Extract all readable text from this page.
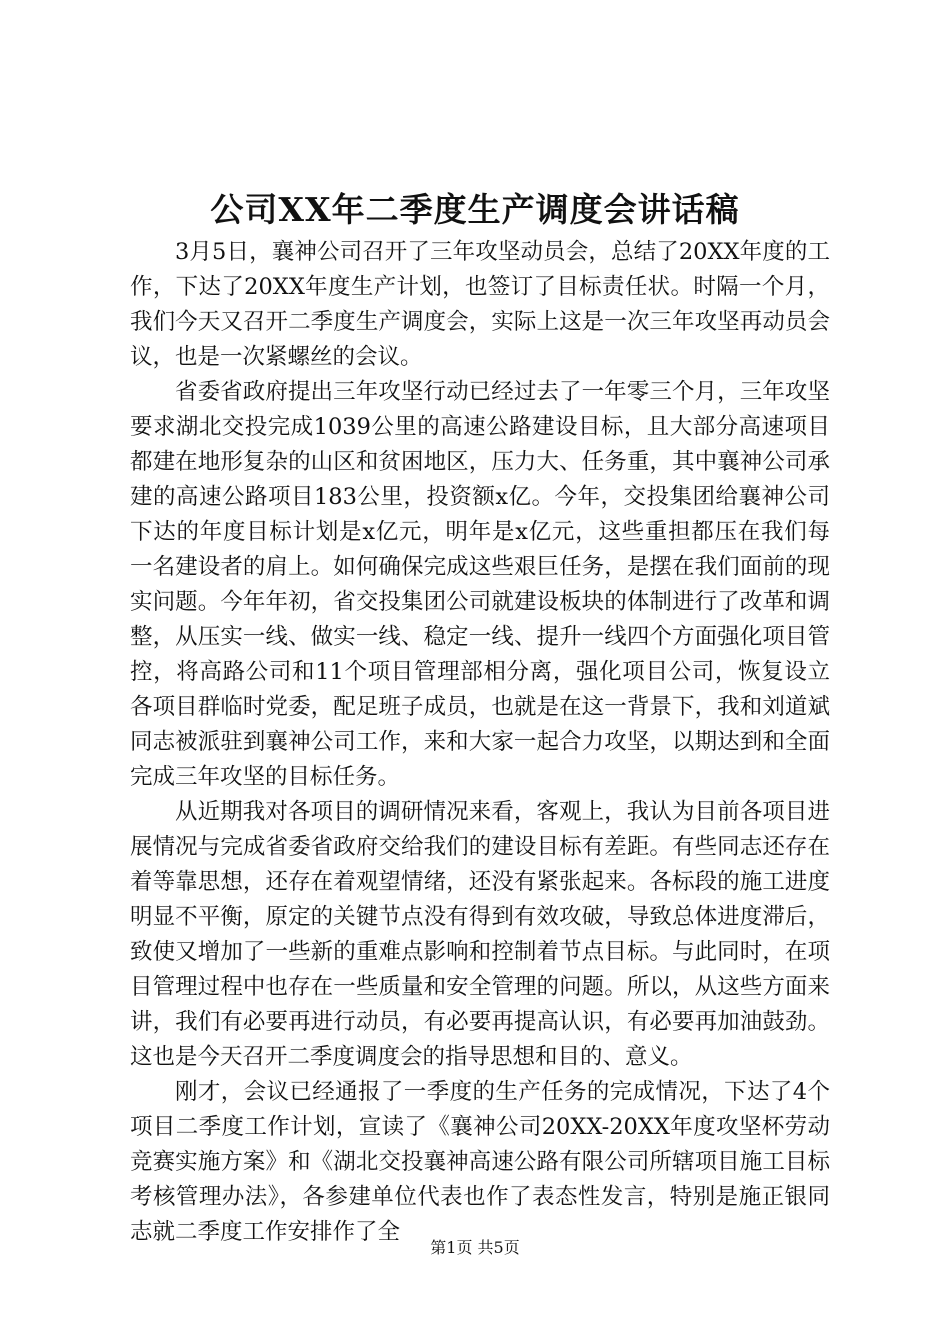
公司XX年二季度生产调度会讲话稿

3月5日，襄神公司召开了三年攻坚动员会，总结了20XX年度的工作，下达了20XX年度生产计划，也签订了目标责任状。时隔一个月，我们今天又召开二季度生产调度会，实际上这是一次三年攻坚再动员会议，也是一次紧螺丝的会议。

省委省政府提出三年攻坚行动已经过去了一年零三个月，三年攻坚要求湖北交投完成1039公里的高速公路建设目标，且大部分高速项目都建在地形复杂的山区和贫困地区，压力大、任务重，其中襄神公司承建的高速公路项目183公里，投资额x亿。今年，交投集团给襄神公司下达的年度目标计划是x亿元，明年是x亿元，这些重担都压在我们每一名建设者的肩上。如何确保完成这些艰巨任务，是摆在我们面前的现实问题。今年年初，省交投集团公司就建设板块的体制进行了改革和调整，从压实一线、做实一线、稳定一线、提升一线四个方面强化项目管控，将高路公司和11个项目管理部相分离，强化项目公司，恢复设立各项目群临时党委，配足班子成员，也就是在这一背景下，我和刘道斌同志被派驻到襄神公司工作，来和大家一起合力攻坚，以期达到和全面完成三年攻坚的目标任务。

从近期我对各项目的调研情况来看，客观上，我认为目前各项目进展情况与完成省委省政府交给我们的建设目标有差距。有些同志还存在着等靠思想，还存在着观望情绪，还没有紧张起来。各标段的施工进度明显不平衡，原定的关键节点没有得到有效攻破，导致总体进度滞后，致使又增加了一些新的重难点影响和控制着节点目标。与此同时，在项目管理过程中也存在一些质量和安全管理的问题。所以，从这些方面来讲，我们有必要再进行动员，有必要再提高认识，有必要再加油鼓劲。这也是今天召开二季度调度会的指导思想和目的、意义。

刚才，会议已经通报了一季度的生产任务的完成情况，下达了4个项目二季度工作计划，宣读了《襄神公司20XX-20XX年度攻坚杯劳动竞赛实施方案》和《湖北交投襄神高速公路有限公司所辖项目施工目标考核管理办法》，各参建单位代表也作了表态性发言，特别是施正银同志就二季度工作安排作了全

第1页 共5页
